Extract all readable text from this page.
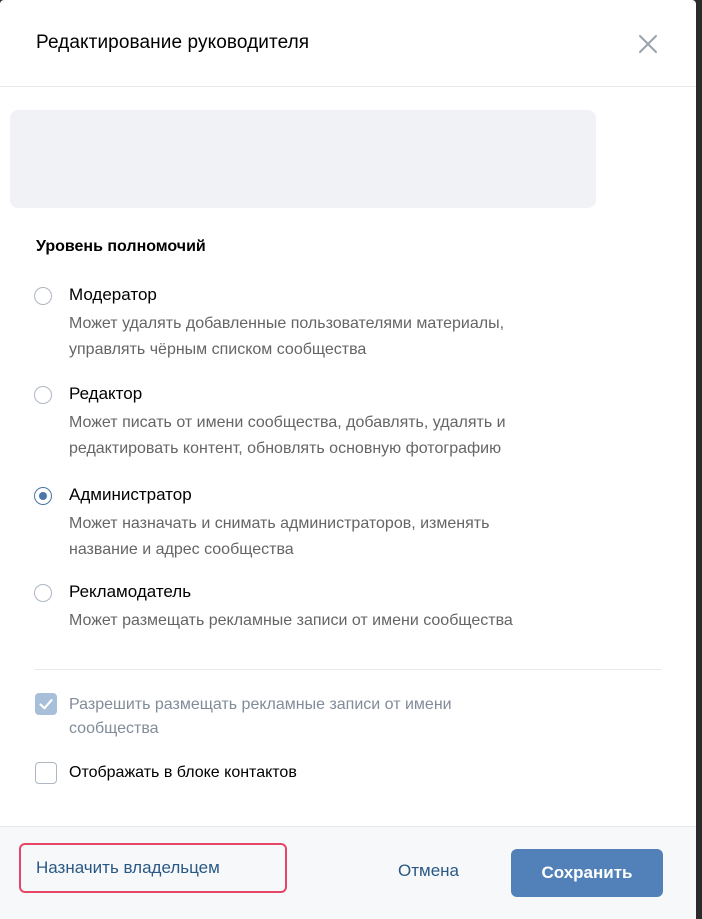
Редактирование руководителя
Уровень полномочий
Модератор
Может удалять добавленные пользователями материалы,
управлять чёрным списком сообщества
Редактор
Может писать от имени сообщества, добавлять, удалять и
редактировать контент, обновлять основную фотографию
Администратор
Может назначать и снимать администраторов, изменять
название и адрес сообщества
Рекламодатель
Может размещать рекламные записи от имени сообщества
Разрешить размещать рекламные записи от имени
сообщества
Отображать в блоке контактов
Назначить владельцем	Отмена	Сохранить
